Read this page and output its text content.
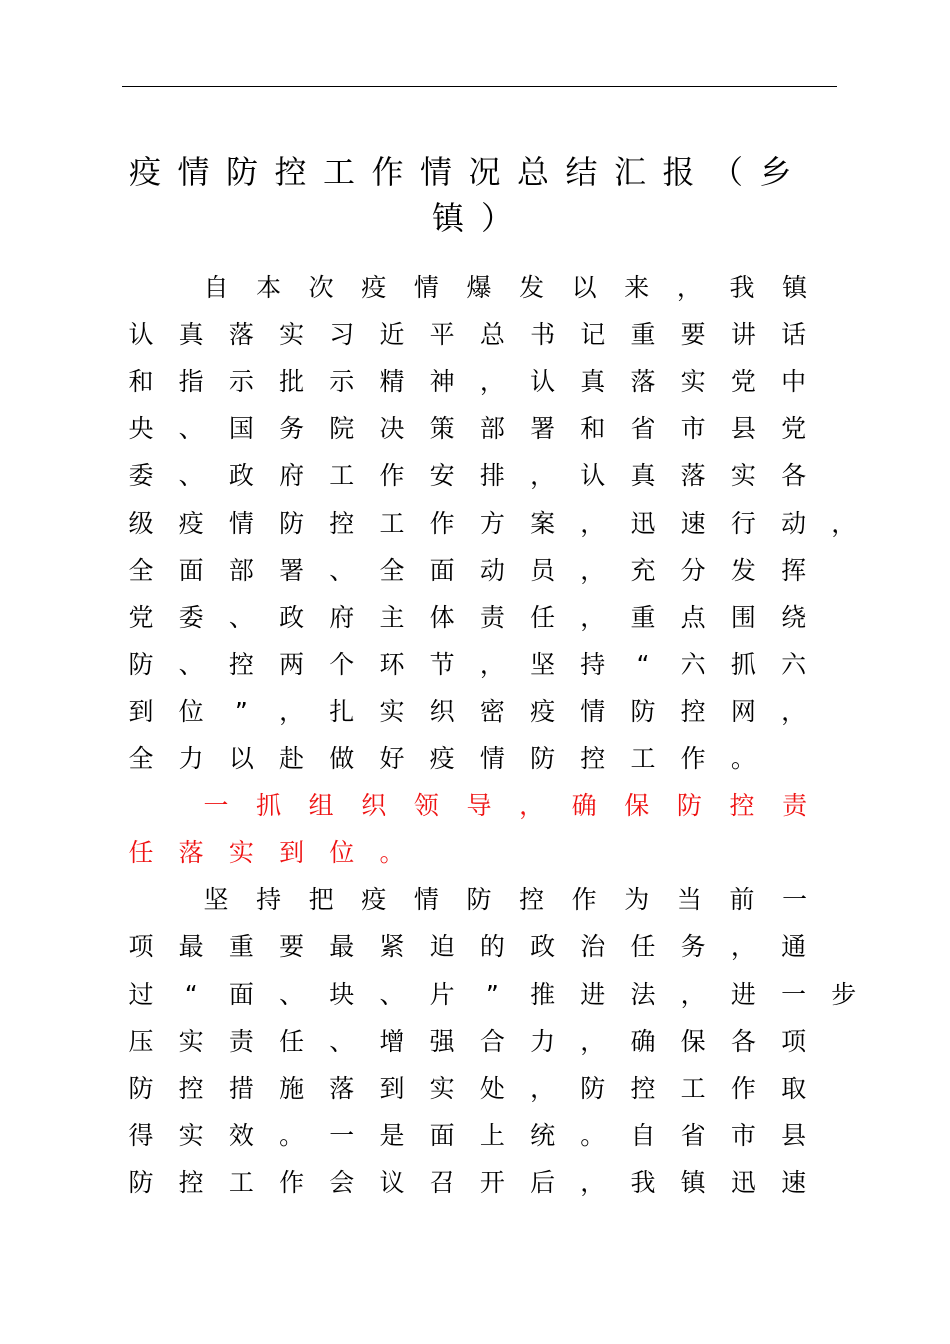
疫 情 防 控 工 作 情 况 总 结 汇 报 （ 乡
镇 ）
自 本 次 疫 情 爆 发 以 来 ， 我 镇
认 真 落 实 习 近 平 总 书 记 重 要 讲 话
和 指 示 批 示 精 神 ， 认 真 落 实 党 中
央 、 国 务 院 决 策 部 署 和 省 市 县 党
委 、 政 府 工 作 安 排 ， 认 真 落 实 各
级 疫 情 防 控 工 作 方 案 ， 迅 速 行 动 ，
全 面 部 署 、 全 面 动 员 ， 充 分 发 挥
党 委 、 政 府 主 体 责 任 ， 重 点 围 绕
防 、 控 两 个 环 节 ， 坚 持	“	六 抓 六
到 位	”	， 扎 实 织 密 疫 情 防 控 网 ，
全 力 以 赴 做 好 疫 情 防 控 工 作 。
一 抓 组 织 领 导 ， 确 保 防 控 责
任 落 实 到 位 。
坚 持 把 疫 情 防 控 作 为 当 前 一
项 最 重 要 最 紧 迫 的 政 治 任 务 ， 通
过	“	面 、 块 、 片	”	推 进 法 ， 进 一 步
压 实 责 任 、 增 强 合 力 ， 确 保 各 项
防 控 措 施 落 到 实 处 ， 防 控 工 作 取
得 实 效 。 一 是 面 上 统 。 自 省 市 县
防 控 工 作 会 议 召 开 后 ， 我 镇 迅 速
